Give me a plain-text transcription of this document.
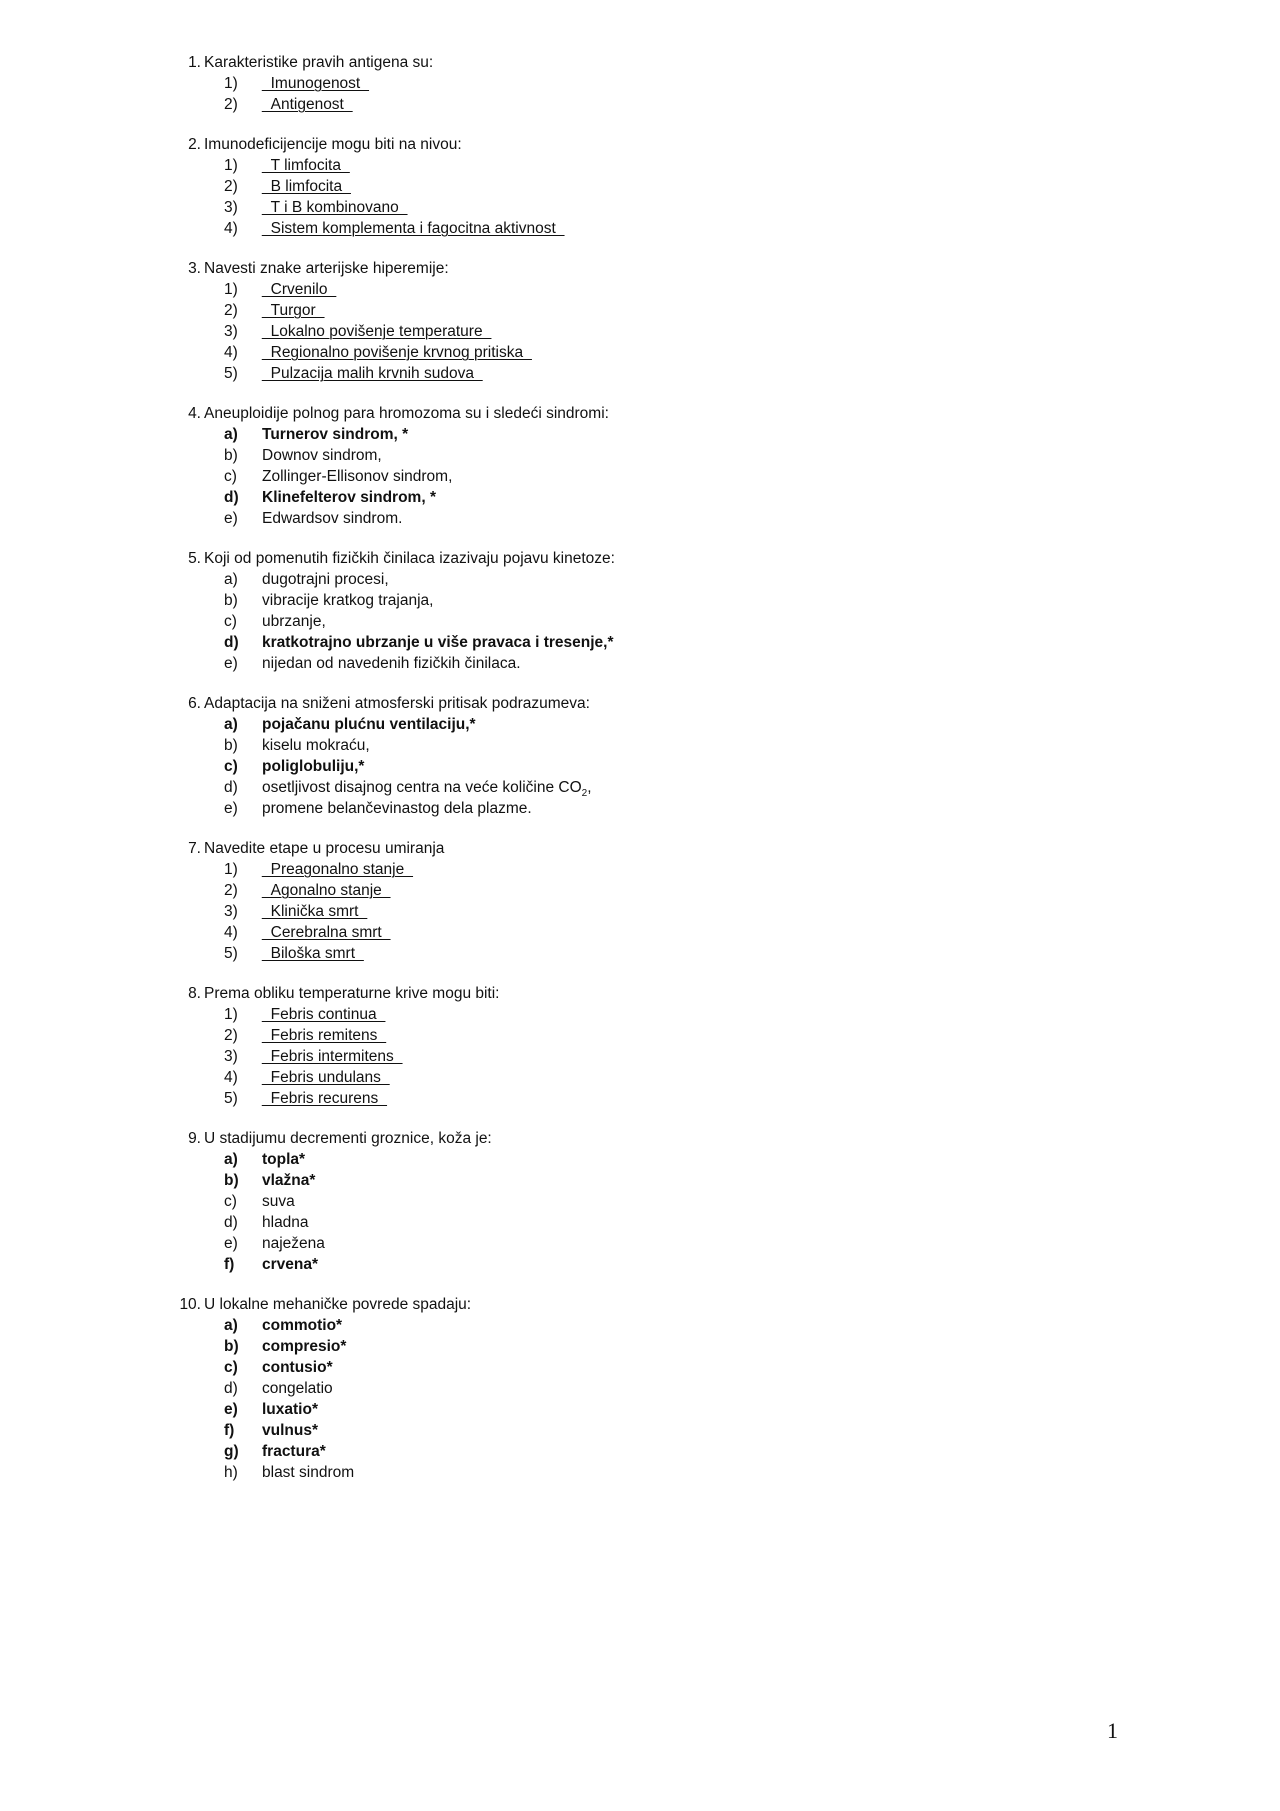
1. Karakteristike pravih antigena su:
1) _Imunogenost_
2) _Antigenost_
2. Imunodeficijencije mogu biti na nivou:
1) _T limfocita_
2) _B limfocita_
3) _T i B kombinovano_
4) _Sistem komplementa i fagocitna aktivnost_
3. Navesti znake arterijske hiperemije:
1) _Crvenilo_
2) _Turgor_
3) _Lokalno povišenje temperature_
4) _Regionalno povišenje krvnog pritiska_
5) _Pulzacija malih krvnih sudova_
4. Aneuploidije polnog para hromozoma su i sledeći sindromi:
a) Turnerov sindrom, *
b) Downov sindrom,
c) Zollinger-Ellisonov sindrom,
d) Klinefelterov sindrom, *
e) Edwardsov sindrom.
5. Koji od pomenutih fizičkih činilaca izazivaju pojavu kinetoze:
a) dugotrajni procesi,
b) vibracije kratkog trajanja,
c) ubrzanje,
d) kratkotrajno ubrzanje u više pravaca i tresenje,*
e) nijedan od navedenih fizičkih činilaca.
6. Adaptacija na sniženi atmosferski pritisak podrazumeva:
a) pojačanu plućnu ventilaciju,*
b) kiselu mokraću,
c) poliglobuliju,*
d) osetljivost disajnog centra na veće količine $CO_2$,
e) promene belančevinastog dela plazme.
7. Navedite etape u procesu umiranja
1) _Preagonalno stanje_
2) _Agonalno stanje_
3) _Klinička smrt_
4) _Cerebralna smrt_
5) _Biloška smrt_
8. Prema obliku temperaturne krive mogu biti:
1) _Febris continua_
2) _Febris remitens_
3) _Febris intermitens_
4) _Febris undulans_
5) _Febris recurens_
9. U stadijumu decrementi groznice, koža je:
a) topla*
b) vlažna*
c) suva
d) hladna
e) naježena
f) crvena*
10. U lokalne mehaničke povrede spadaju:
a) commotio*
b) compresio*
c) contusio*
d) congelatio
e) luxatio*
f) vulnus*
g) fractura*
h) blast sindrom
1
